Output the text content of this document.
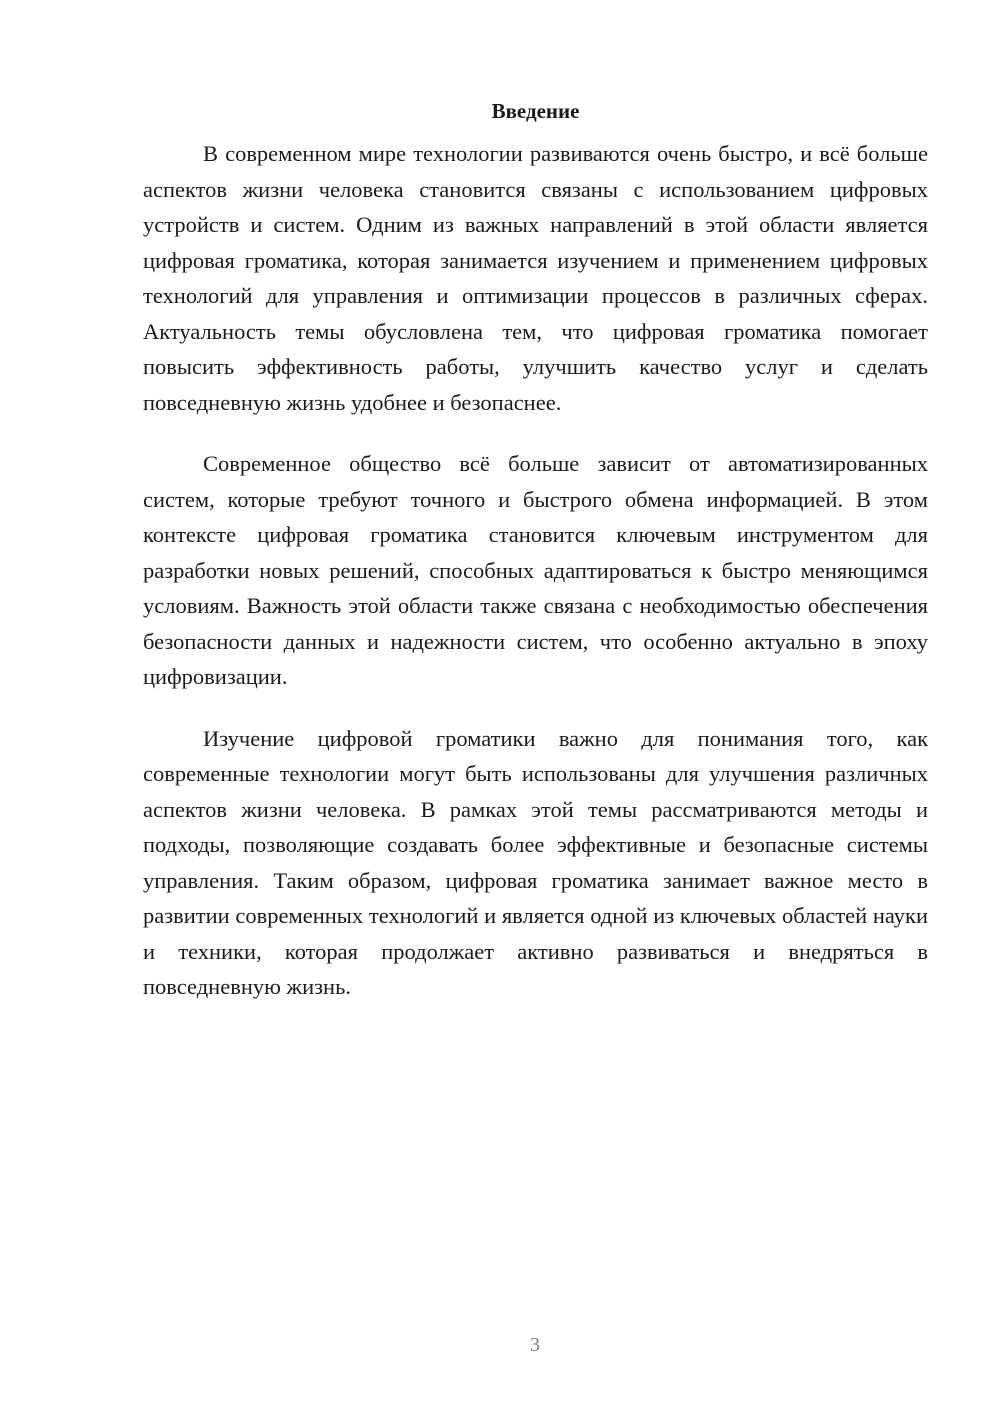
Введение

В современном мире технологии развиваются очень быстро, и всё больше аспектов жизни человека становится связаны с использованием цифровых устройств и систем. Одним из важных направлений в этой области является цифровая громатика, которая занимается изучением и применением цифровых технологий для управления и оптимизации процессов в различных сферах. Актуальность темы обусловлена тем, что цифровая громатика помогает повысить эффективность работы, улучшить качество услуг и сделать повседневную жизнь удобнее и безопаснее.

Современное общество всё больше зависит от автоматизированных систем, которые требуют точного и быстрого обмена информацией. В этом контексте цифровая громатика становится ключевым инструментом для разработки новых решений, способных адаптироваться к быстро меняющимся условиям. Важность этой области также связана с необходимостью обеспечения безопасности данных и надежности систем, что особенно актуально в эпоху цифровизации.

Изучение цифровой громатики важно для понимания того, как современные технологии могут быть использованы для улучшения различных аспектов жизни человека. В рамках этой темы рассматриваются методы и подходы, позволяющие создавать более эффективные и безопасные системы управления. Таким образом, цифровая громатика занимает важное место в развитии современных технологий и является одной из ключевых областей науки и техники, которая продолжает активно развиваться и внедряться в повседневную жизнь.

3
